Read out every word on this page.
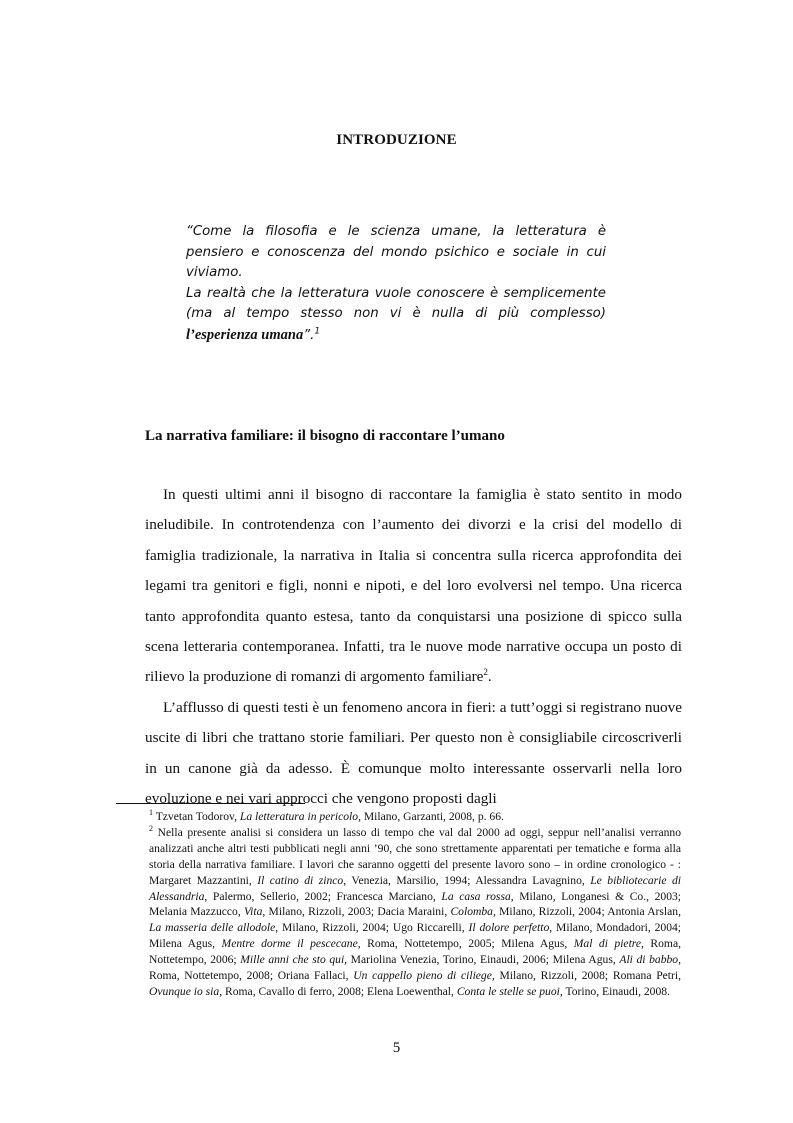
INTRODUZIONE
“Come la filosofia e le scienza umane, la letteratura è pensiero e conoscenza del mondo psichico e sociale in cui viviamo.
La realtà che la letteratura vuole conoscere è semplicemente (ma al tempo stesso non vi è nulla di più complesso) l’esperienza umana”.$^1$
La narrativa familiare: il bisogno di raccontare l’umano

In questi ultimi anni il bisogno di raccontare la famiglia è stato sentito in modo ineludibile. In controtendenza con l’aumento dei divorzi e la crisi del modello di famiglia tradizionale, la narrativa in Italia si concentra sulla ricerca approfondita dei legami tra genitori e figli, nonni e nipoti, e del loro evolversi nel tempo. Una ricerca tanto approfondita quanto estesa, tanto da conquistarsi una posizione di spicco sulla scena letteraria contemporanea. Infatti, tra le nuove mode narrative occupa un posto di rilievo la produzione di romanzi di argomento familiare$^2$.

L’afflusso di questi testi è un fenomeno ancora in fieri: a tutt’oggi si registrano nuove uscite di libri che trattano storie familiari. Per questo non è consigliabile circoscriverli in un canone già da adesso. È comunque molto interessante osservarli nella loro evoluzione e nei vari approcci che vengono proposti dagli

$^1$ Tzvetan Todorov, La letteratura in pericolo, Milano, Garzanti, 2008, p. 66.

$^2$ Nella presente analisi si considera un lasso di tempo che val dal 2000 ad oggi, seppur nell’analisi verranno analizzati anche altri testi pubblicati negli anni ’90, che sono strettamente apparentati per tematiche e forma alla storia della narrativa familiare. I lavori che saranno oggetti del presente lavoro sono – in ordine cronologico - : Margaret Mazzantini, Il catino di zinco, Venezia, Marsilio, 1994; Alessandra Lavagnino, Le bibliotecarie di Alessandria, Palermo, Sellerio, 2002; Francesca Marciano, La casa rossa, Milano, Longanesi & Co., 2003; Melania Mazzucco, Vita, Milano, Rizzoli, 2003; Dacia Maraini, Colomba, Milano, Rizzoli, 2004; Antonia Arslan, La masseria delle allodole, Milano, Rizzoli, 2004; Ugo Riccarelli, Il dolore perfetto, Milano, Mondadori, 2004; Milena Agus, Mentre dorme il pescecane, Roma, Nottetempo, 2005; Milena Agus, Mal di pietre, Roma, Nottetempo, 2006; Mille anni che sto qui, Mariolina Venezia, Torino, Einaudi, 2006; Milena Agus, Ali di babbo, Roma, Nottetempo, 2008; Oriana Fallaci, Un cappello pieno di ciliege, Milano, Rizzoli, 2008; Romana Petri, Ovunque io sia, Roma, Cavallo di ferro, 2008; Elena Loewenthal, Conta le stelle se puoi, Torino, Einaudi, 2008.

5
